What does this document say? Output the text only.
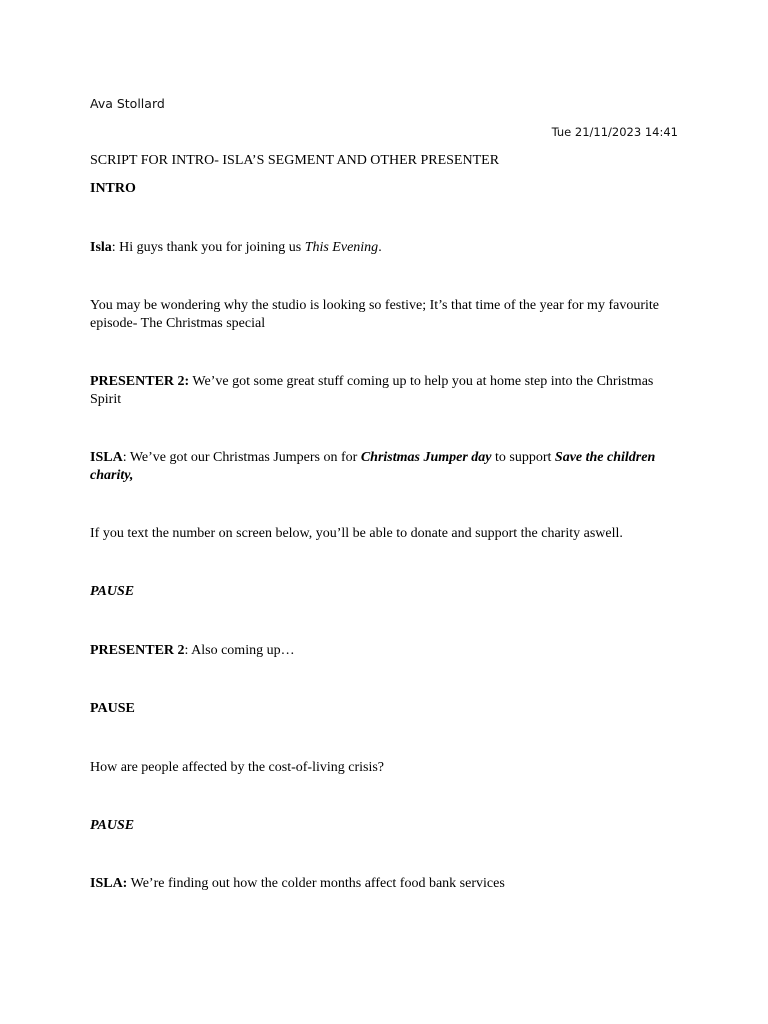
Ava Stollard
Tue 21/11/2023 14:41
SCRIPT FOR INTRO- ISLA’S SEGMENT AND OTHER PRESENTER
INTRO
Isla: Hi guys thank you for joining us This Evening.
You may be wondering why the studio is looking so festive; It’s that time of the year for my favourite episode- The Christmas special
PRESENTER 2: We’ve got some great stuff coming up to help you at home step into the Christmas Spirit
ISLA: We’ve got our Christmas Jumpers on for Christmas Jumper day to support Save the children charity,
If you text the number on screen below, you’ll be able to donate and support the charity aswell.
PAUSE
PRESENTER 2: Also coming up…
PAUSE
How are people affected by the cost-of-living crisis?
PAUSE
ISLA: We’re finding out how the colder months affect food bank services
